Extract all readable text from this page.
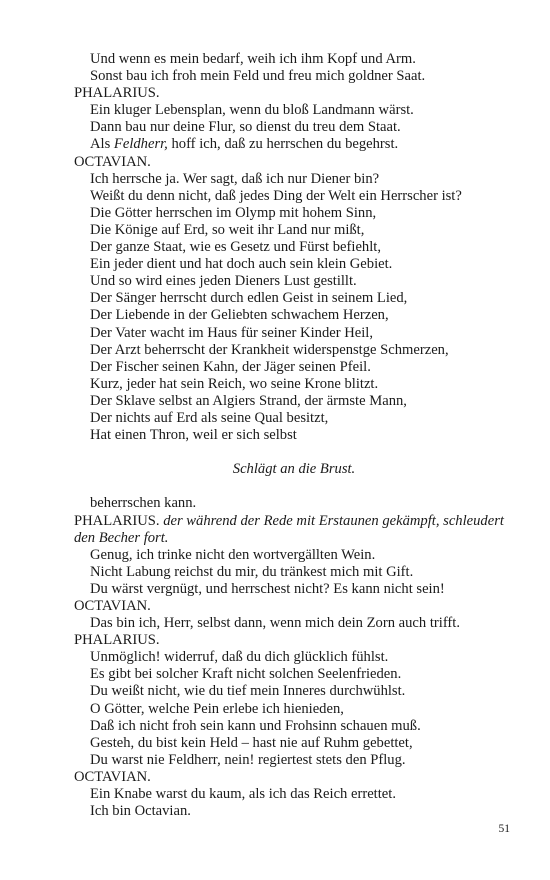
Und wenn es mein bedarf, weih ich ihm Kopf und Arm.
Sonst bau ich froh mein Feld und freu mich goldner Saat.
PHALARIUS.
Ein kluger Lebensplan, wenn du bloß Landmann wärst.
Dann bau nur deine Flur, so dienst du treu dem Staat.
Als Feldherr, hoff ich, daß zu herrschen du begehrst.
OCTAVIAN.
Ich herrsche ja. Wer sagt, daß ich nur Diener bin?
Weißt du denn nicht, daß jedes Ding der Welt ein Herrscher ist?
Die Götter herrschen im Olymp mit hohem Sinn,
Die Könige auf Erd, so weit ihr Land nur mißt,
Der ganze Staat, wie es Gesetz und Fürst befiehlt,
Ein jeder dient und hat doch auch sein klein Gebiet.
Und so wird eines jeden Dieners Lust gestillt.
Der Sänger herrscht durch edlen Geist in seinem Lied,
Der Liebende in der Geliebten schwachem Herzen,
Der Vater wacht im Haus für seiner Kinder Heil,
Der Arzt beherrscht der Krankheit widerspenstge Schmerzen,
Der Fischer seinen Kahn, der Jäger seinen Pfeil.
Kurz, jeder hat sein Reich, wo seine Krone blitzt.
Der Sklave selbst an Algiers Strand, der ärmste Mann,
Der nichts auf Erd als seine Qual besitzt,
Hat einen Thron, weil er sich selbst
Schlägt an die Brust.
beherrschen kann.
PHALARIUS. der während der Rede mit Erstaunen gekämpft, schleudert den Becher fort.
Genug, ich trinke nicht den wortvergällten Wein.
Nicht Labung reichst du mir, du tränkest mich mit Gift.
Du wärst vergnügt, und herrschest nicht? Es kann nicht sein!
OCTAVIAN.
Das bin ich, Herr, selbst dann, wenn mich dein Zorn auch trifft.
PHALARIUS.
Unmöglich! widerruf, daß du dich glücklich fühlst.
Es gibt bei solcher Kraft nicht solchen Seelenfrieden.
Du weißt nicht, wie du tief mein Inneres durchwühlst.
O Götter, welche Pein erlebe ich hienieden,
Daß ich nicht froh sein kann und Frohsinn schauen muß.
Gesteh, du bist kein Held – hast nie auf Ruhm gebettet,
Du warst nie Feldherr, nein! regiertest stets den Pflug.
OCTAVIAN.
Ein Knabe warst du kaum, als ich das Reich errettet.
Ich bin Octavian.
51
